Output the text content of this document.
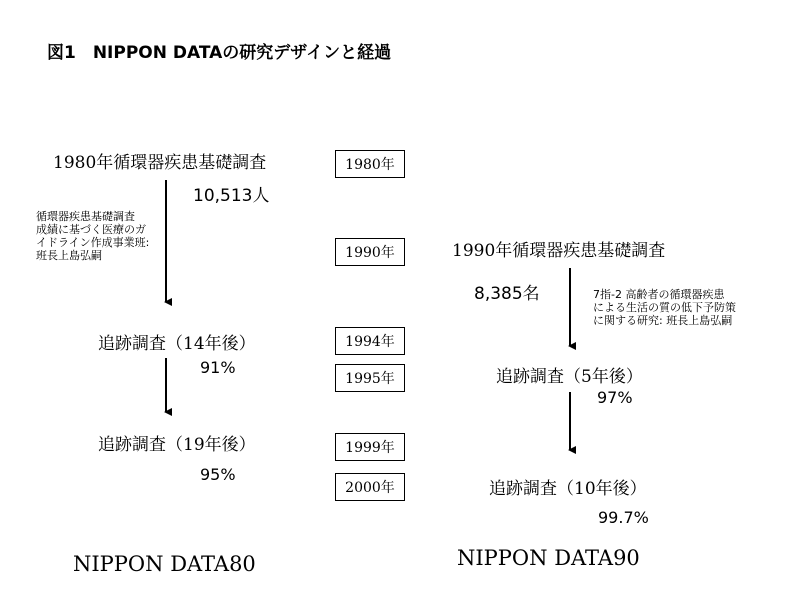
図1　NIPPON DATAの研究デザインと経過
1980年循環器疾患基礎調査
10,513人
循環器疾患基礎調査
成績に基づく医療のガ
イドライン作成事業班:
班長上島弘嗣
追跡調査（14年後）
91%
追跡調査（19年後）
95%
NIPPON DATA80
1980年
1990年
1994年
1995年
1999年
2000年
1990年循環器疾患基礎調査
8,385名	7指-2 高齢者の循環器疾患
による生活の質の低下予防策
に関する研究: 班長上島弘嗣
追跡調査（5年後）
97%
追跡調査（10年後）
99.7%
NIPPON DATA90
